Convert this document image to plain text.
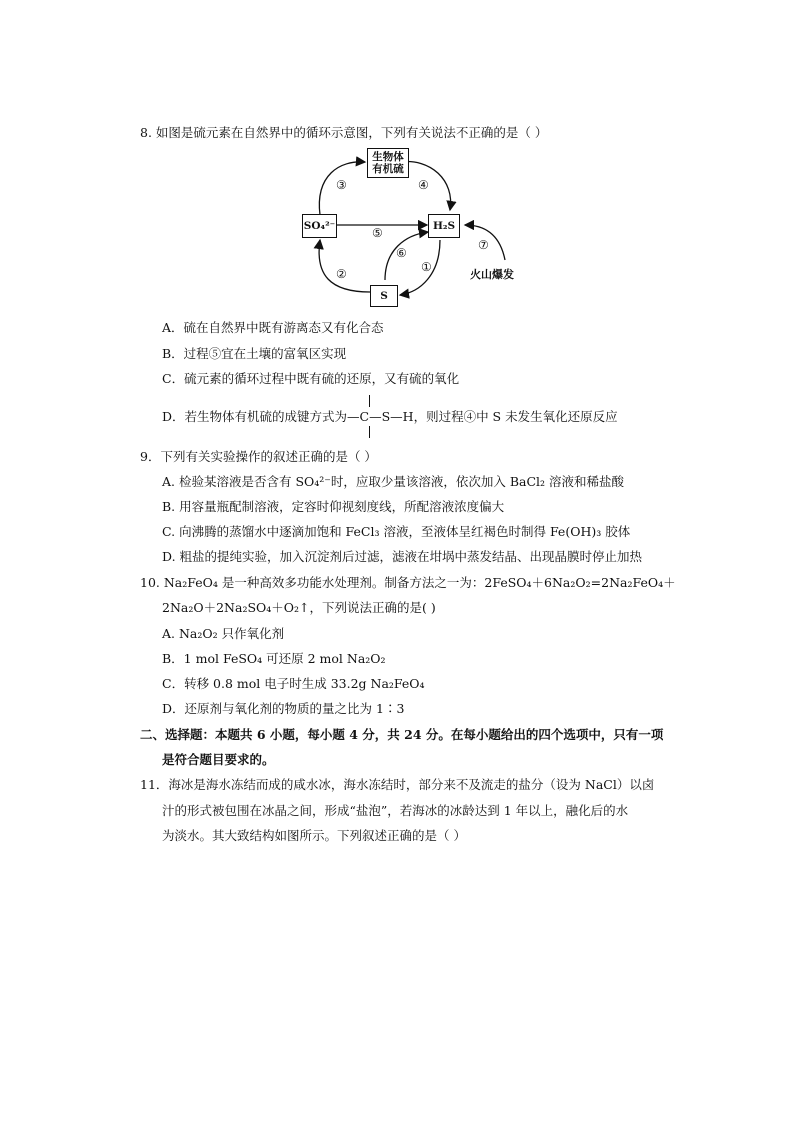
8. 如图是硫元素在自然界中的循环示意图，下列有关说法不正确的是（ ）
生物体
有机硫
SO₄²⁻	H₂S
S
③	④
⑤
②
⑥
①
⑦
火山爆发
A．硫在自然界中既有游离态又有化合态
B．过程⑤宜在土壤的富氧区实现
C．硫元素的循环过程中既有硫的还原，又有硫的氧化
D．若生物体有机硫的成键方式为
—C—S—H
，则过程④中 S 未发生氧化还原反应
9．下列有关实验操作的叙述正确的是（ ）
A. 检验某溶液是否含有 SO₄²⁻时，应取少量该溶液，依次加入 BaCl₂ 溶液和稀盐酸
B. 用容量瓶配制溶液，定容时仰视刻度线，所配溶液浓度偏大
C. 向沸腾的蒸馏水中逐滴加饱和 FeCl₃ 溶液，至液体呈红褐色时制得 Fe(OH)₃ 胶体
D. 粗盐的提纯实验，加入沉淀剂后过滤，滤液在坩埚中蒸发结晶、出现晶膜时停止加热
10. Na₂FeO₄ 是一种高效多功能水处理剂。制备方法之一为：2FeSO₄＋6Na₂O₂=2Na₂FeO₄＋
2Na₂O＋2Na₂SO₄＋O₂↑，下列说法正确的是( )
A. Na₂O₂ 只作氧化剂
B．1 mol FeSO₄ 可还原 2 mol Na₂O₂
C．转移 0.8 mol 电子时生成 33.2g Na₂FeO₄
D．还原剂与氧化剂的物质的量之比为 1∶3
二、选择题：本题共 6 小题，每小题 4 分，共 24 分。在每小题给出的四个选项中，只有一项
是符合题目要求的。
11．海冰是海水冻结而成的咸水冰，海水冻结时，部分来不及流走的盐分（设为 NaCl）以卤
汁的形式被包围在冰晶之间，形成“盐泡”，若海冰的冰龄达到 1 年以上，融化后的水
为淡水。其大致结构如图所示。下列叙述正确的是（ ）
